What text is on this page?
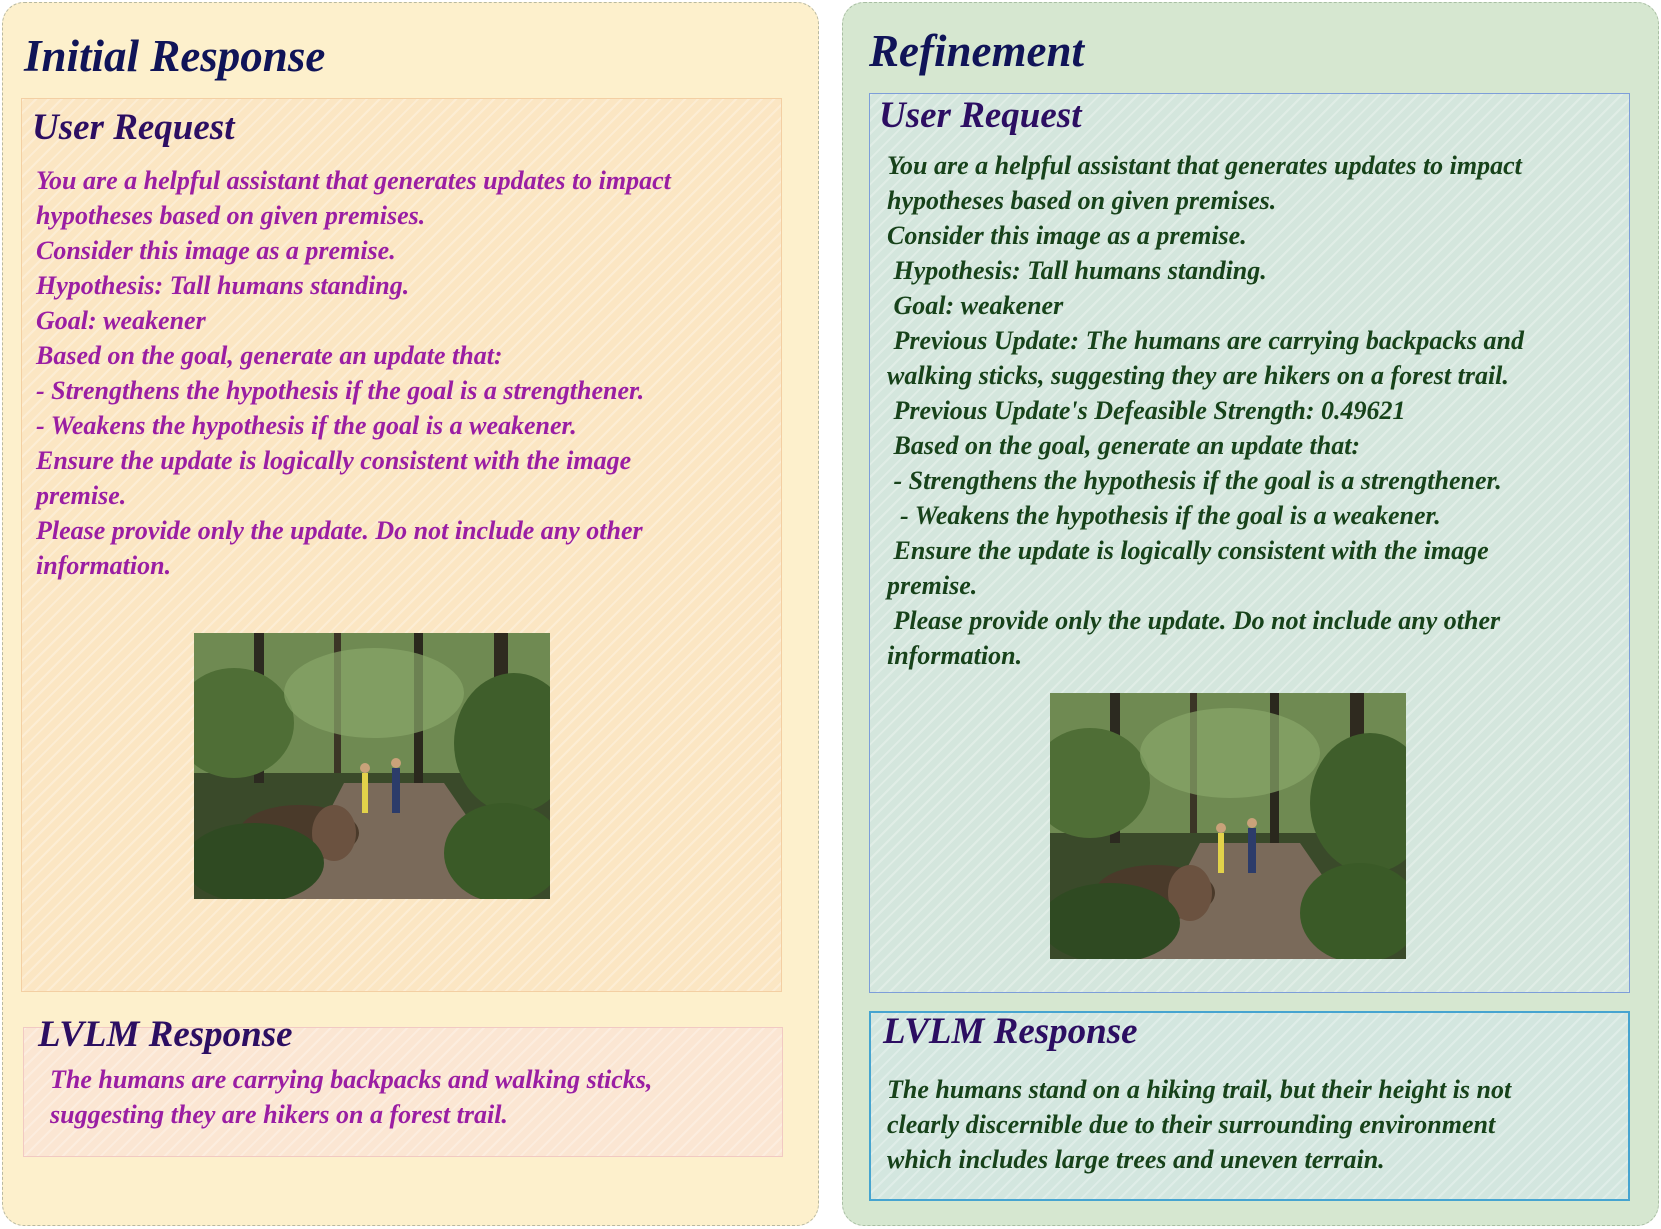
Initial Response
User Request

You are a helpful assistant that generates updates to impact
hypotheses based on given premises.
Consider this image as a premise.
Hypothesis: Tall humans standing.
Goal: weakener
Based on the goal, generate an update that:
- Strengthens the hypothesis if the goal is a strengthener.
- Weakens the hypothesis if the goal is a weakener.
Ensure the update is logically consistent with the image
premise.
Please provide only the update. Do not include any other
information.

LVLM Response

The humans are carrying backpacks and walking sticks,
suggesting they are hikers on a forest trail.

Refinement
User Request

You are a helpful assistant that generates updates to impact
hypotheses based on given premises.
Consider this image as a premise.
Hypothesis: Tall humans standing.
Goal: weakener
Previous Update: The humans are carrying backpacks and
walking sticks, suggesting they are hikers on a forest trail.
Previous Update's Defeasible Strength: 0.49621
Based on the goal, generate an update that:
- Strengthens the hypothesis if the goal is a strengthener.
- Weakens the hypothesis if the goal is a weakener.
Ensure the update is logically consistent with the image
premise.
Please provide only the update. Do not include any other
information.

LVLM Response

The humans stand on a hiking trail, but their height is not
clearly discernible due to their surrounding environment
which includes large trees and uneven terrain.
